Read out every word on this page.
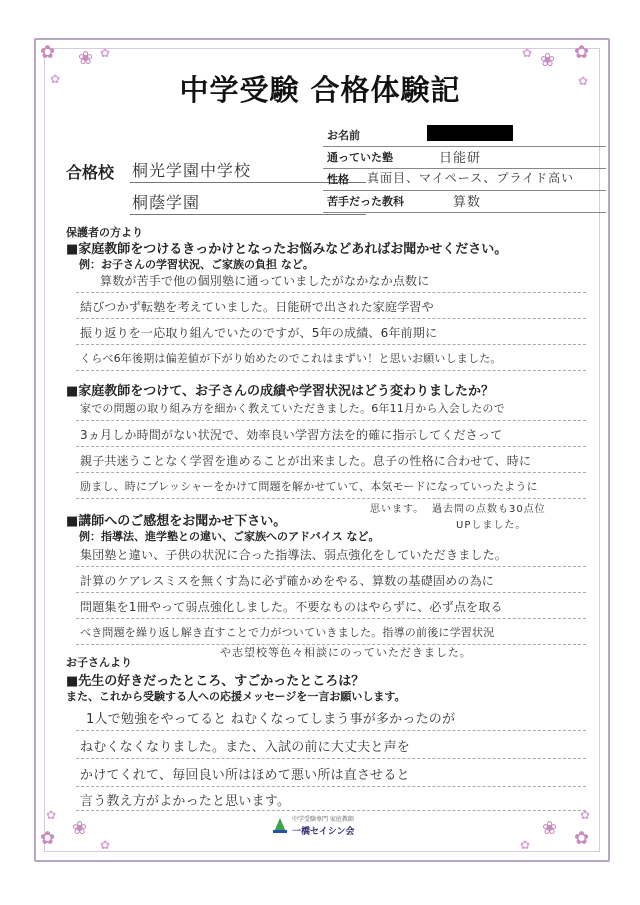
✿ ❀
✿
✿	✿
❀
✿
✿
✿ ❀
✿
✿	✿
❀
✿
✿
中学受験 合格体験記
合格校 桐光学園中学校
桐蔭学園
お名前
通っていた塾	日能研
性格 真面目、マイペース、プライド高い
苦手だった教科	算数
保護者の方より
■家庭教師をつけるきっかけとなったお悩みなどあればお聞かせください。
例：お子さんの学習状況、ご家族の負担 など。
算数が苦手で他の個別塾に通っていましたがなかなか点数に
結びつかず転塾を考えていました。日能研で出された家庭学習や
振り返りを一応取り組んでいたのですが、5年の成績、6年前期に
くらべ6年後期は偏差値が下がり始めたのでこれはまずい！と思いお願いしました。
■家庭教師をつけて、お子さんの成績や学習状況はどう変わりましたか？
家での問題の取り組み方を細かく教えていただきました。6年11月から入会したので
3ヵ月しか時間がない状況で、効率良い学習方法を的確に指示してくださって
親子共迷うことなく学習を進めることが出来ました。息子の性格に合わせて、時に
励まし、時にプレッシャーをかけて問題を解かせていて、本気モードになっていったように
思います。 過去問の点数も30点位
UPしました。
■講師へのご感想をお聞かせ下さい。
例：指導法、進学塾との違い、ご家族へのアドバイス など。
集団塾と違い、子供の状況に合った指導法、弱点強化をしていただきました。
計算のケアレスミスを無くす為に必ず確かめをやる、算数の基礎固めの為に
問題集を1冊やって弱点強化しました。不要なものはやらずに、必ず点を取る
べき問題を繰り返し解き直すことで力がついていきました。指導の前後に学習状況
や志望校等色々相談にのっていただきました。
お子さんより
■先生の好きだったところ、すごかったところは？
また、これから受験する人への応援メッセージを一言お願いします。
1人で勉強をやってると ねむくなってしまう事が多かったのが
ねむくなくなりました。また、入試の前に大丈夫と声を
かけてくれて、毎回良い所はほめて悪い所は直させると
言う教え方がよかったと思います。
中学受験専門 家庭教師
一橋セイシン会
